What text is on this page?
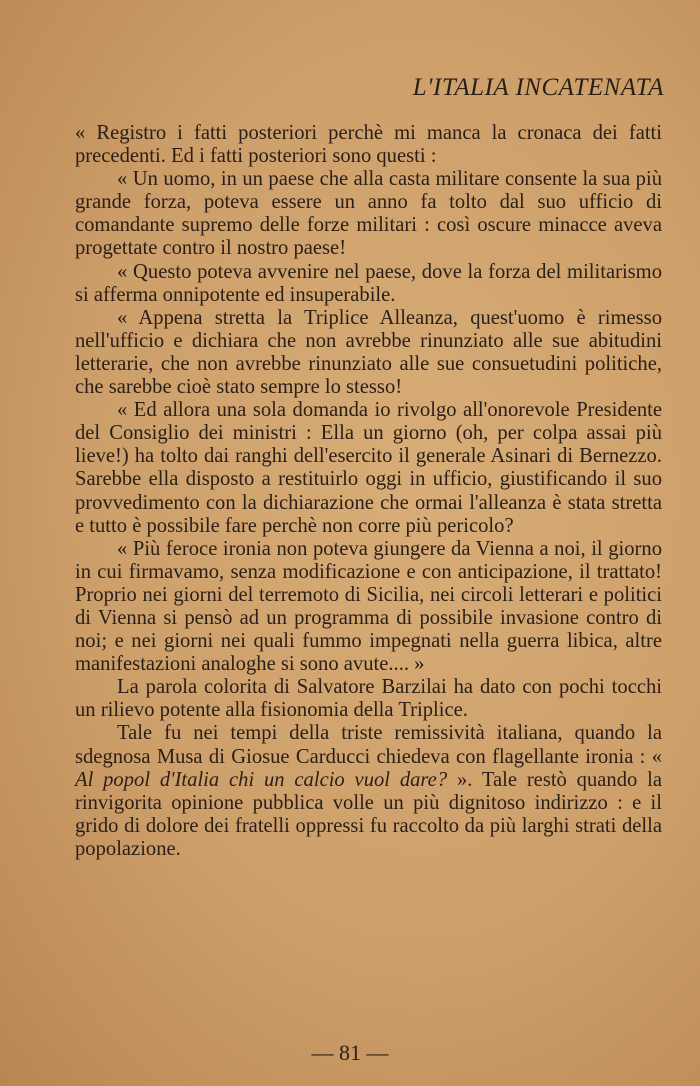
L'ITALIA INCATENATA

« Registro i fatti posteriori perchè mi manca la cronaca dei fatti precedenti. Ed i fatti posteriori sono questi :

« Un uomo, in un paese che alla casta militare consente la sua più grande forza, poteva essere un anno fa tolto dal suo ufficio di comandante supremo delle forze militari : così oscure minacce aveva progettate contro il nostro paese!

« Questo poteva avvenire nel paese, dove la forza del militarismo si afferma onnipotente ed insuperabile.

« Appena stretta la Triplice Alleanza, quest'uomo è rimesso nell'ufficio e dichiara che non avrebbe rinunziato alle sue abitudini letterarie, che non avrebbe rinunziato alle sue consuetudini politiche, che sarebbe cioè stato sempre lo stesso!

« Ed allora una sola domanda io rivolgo all'onorevole Presidente del Consiglio dei ministri : Ella un giorno (oh, per colpa assai più lieve!) ha tolto dai ranghi dell'esercito il generale Asinari di Bernezzo. Sarebbe ella disposto a restituirlo oggi in ufficio, giustificando il suo provvedimento con la dichiarazione che ormai l'alleanza è stata stretta e tutto è possibile fare perchè non corre più pericolo?

« Più feroce ironia non poteva giungere da Vienna a noi, il giorno in cui firmavamo, senza modificazione e con anticipazione, il trattato! Proprio nei giorni del terremoto di Sicilia, nei circoli letterari e politici di Vienna si pensò ad un programma di possibile invasione contro di noi; e nei giorni nei quali fummo impegnati nella guerra libica, altre manifestazioni analoghe si sono avute.... »

La parola colorita di Salvatore Barzilai ha dato con pochi tocchi un rilievo potente alla fisionomia della Triplice.

Tale fu nei tempi della triste remissività italiana, quando la sdegnosa Musa di Giosue Carducci chiedeva con flagellante ironia : « Al popol d'Italia chi un calcio vuol dare? ». Tale restò quando la rinvigorita opinione pubblica volle un più dignitoso indirizzo : e il grido di dolore dei fratelli oppressi fu raccolto da più larghi strati della popolazione.

— 81 —
